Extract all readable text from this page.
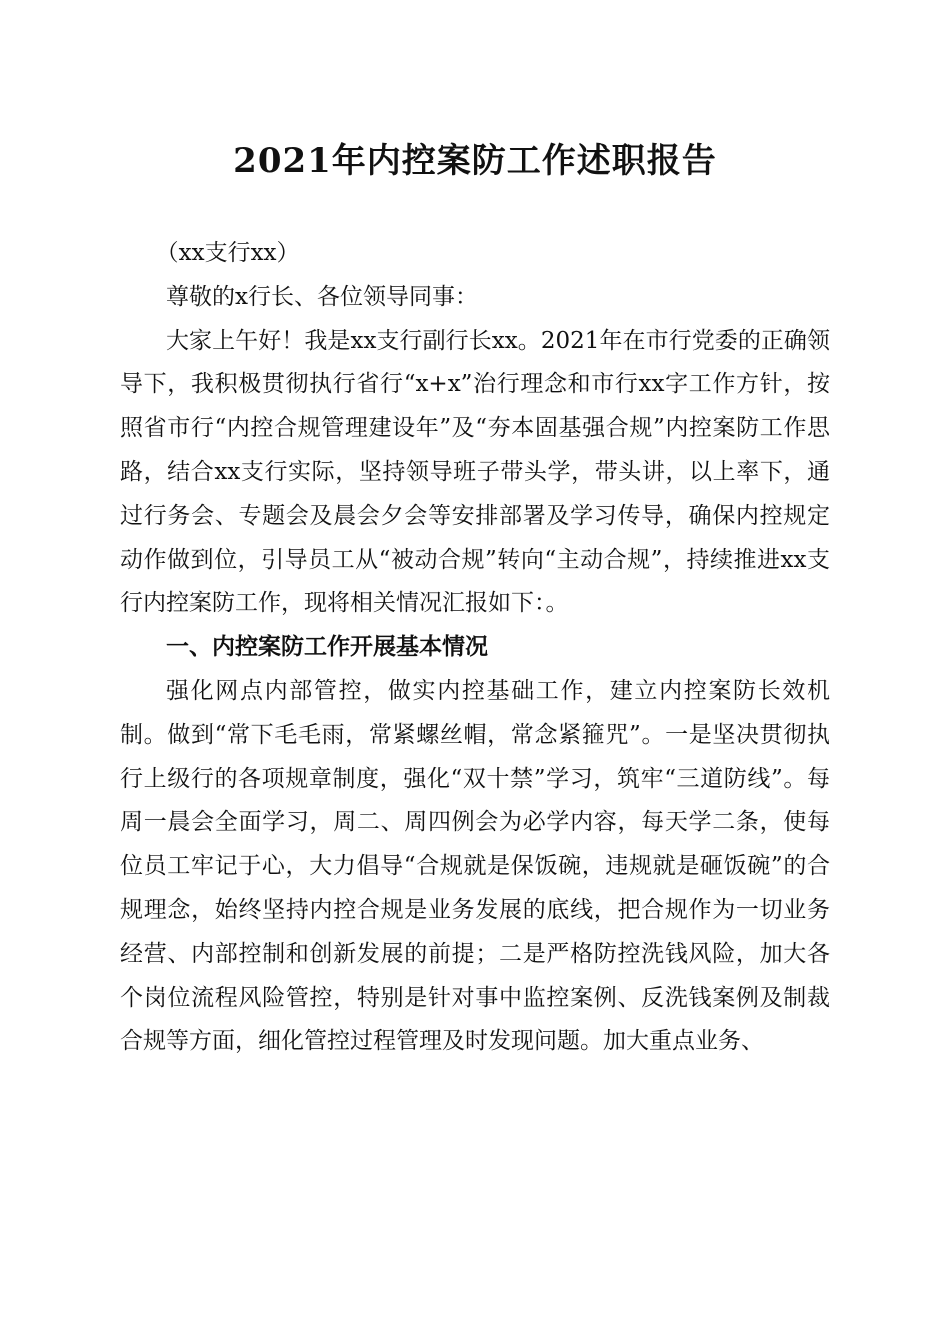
2021年内控案防工作述职报告

（xx支行xx）

尊敬的x行长、各位领导同事：

大家上午好！我是xx支行副行长xx。2021年在市行党委的正确领导下，我积极贯彻执行省行“x+x”治行理念和市行xx字工作方针，按照省市行“内控合规管理建设年”及“夯本固基强合规”内控案防工作思路，结合xx支行实际，坚持领导班子带头学，带头讲，以上率下，通过行务会、专题会及晨会夕会等安排部署及学习传导，确保内控规定动作做到位，引导员工从“被动合规”转向“主动合规”，持续推进xx支行内控案防工作，现将相关情况汇报如下：。

一、内控案防工作开展基本情况

强化网点内部管控，做实内控基础工作，建立内控案防长效机制。做到“常下毛毛雨，常紧螺丝帽，常念紧箍咒”。一是坚决贯彻执行上级行的各项规章制度，强化“双十禁”学习，筑牢“三道防线”。每周一晨会全面学习，周二、周四例会为必学内容，每天学二条，使每位员工牢记于心，大力倡导“合规就是保饭碗，违规就是砸饭碗”的合规理念，始终坚持内控合规是业务发展的底线，把合规作为一切业务经营、内部控制和创新发展的前提；二是严格防控洗钱风险，加大各个岗位流程风险管控，特别是针对事中监控案例、反洗钱案例及制裁合规等方面，细化管控过程管理及时发现问题。加大重点业务、
